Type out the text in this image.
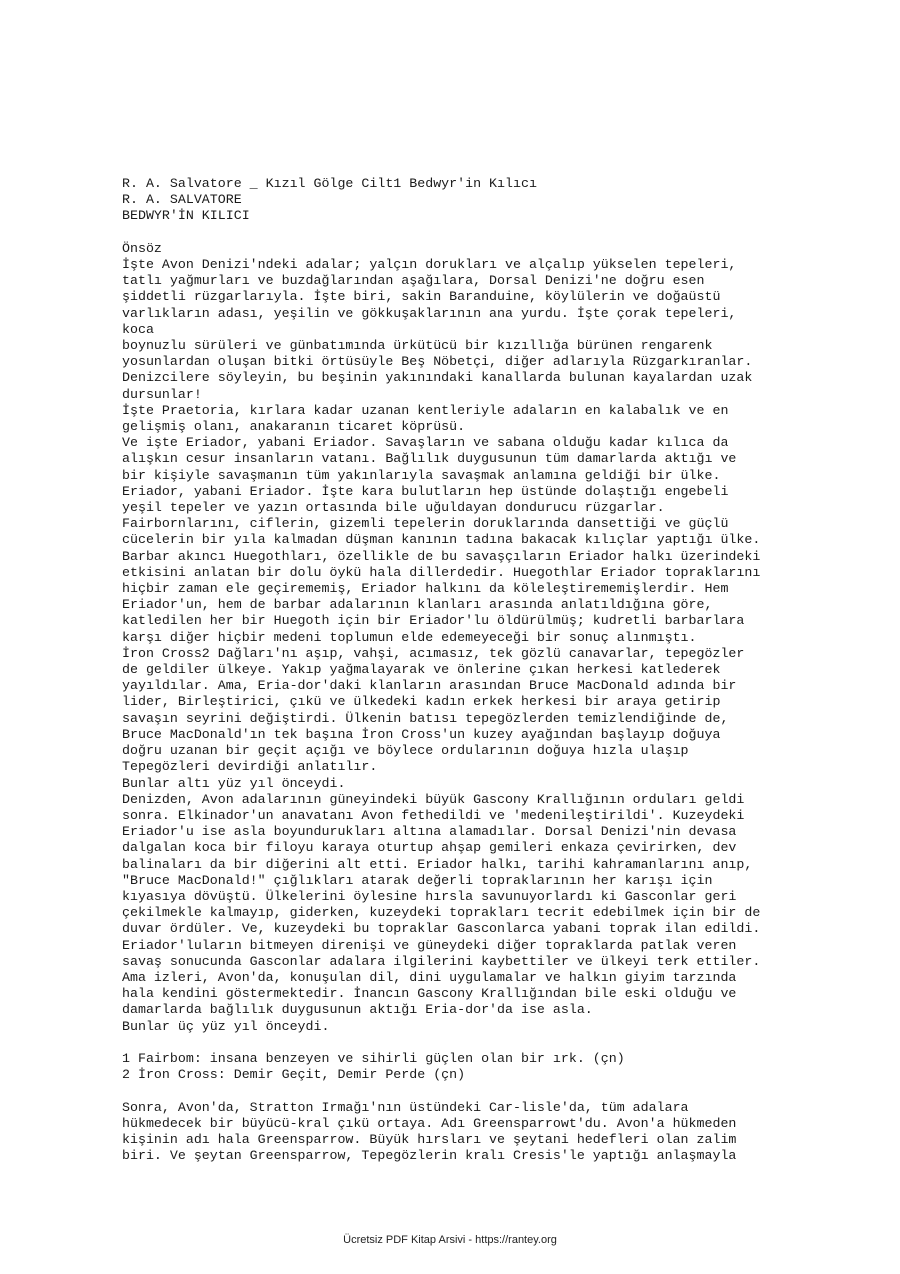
R. A. Salvatore _ Kızıl Gölge Cilt1 Bedwyr'in Kılıcı
R. A. SALVATORE
BEDWYR'İN KILICI
Önsöz
İşte Avon Denizi'ndeki adalar; yalçın dorukları ve alçalıp yükselen tepeleri,
tatlı yağmurları ve buzdağlarından aşağılara, Dorsal Denizi'ne doğru esen
şiddetli rüzgarlarıyla. İşte biri, sakin Baranduine, köylülerin ve doğaüstü
varlıkların adası, yeşilin ve gökkuşaklarının ana yurdu. İşte çorak tepeleri,
koca
boynuzlu sürüleri ve günbatımında ürkütücü bir kızıllığa bürünen rengarenk
yosunlardan oluşan bitki örtüsüyle Beş Nöbetçi, diğer adlarıyla Rüzgarkıranlar.
Denizcilere söyleyin, bu beşinin yakınındaki kanallarda bulunan kayalardan uzak
dursunlar!
İşte Praetoria, kırlara kadar uzanan kentleriyle adaların en kalabalık ve en
gelişmiş olanı, anakaranın ticaret köprüsü.
Ve işte Eriador, yabani Eriador. Savaşların ve sabana olduğu kadar kılıca da
alışkın cesur insanların vatanı. Bağlılık duygusunun tüm damarlarda aktığı ve
bir kişiyle savaşmanın tüm yakınlarıyla savaşmak anlamına geldiği bir ülke.
Eriador, yabani Eriador. İşte kara bulutların hep üstünde dolaştığı engebeli
yeşil tepeler ve yazın ortasında bile uğuldayan dondurucu rüzgarlar.
Fairbornlarını, ciflerin, gizemli tepelerin doruklarında dansettiği ve güçlü
cücelerin bir yıla kalmadan düşman kanının tadına bakacak kılıçlar yaptığı ülke.
Barbar akıncı Huegothları, özellikle de bu savaşçıların Eriador halkı üzerindeki
etkisini anlatan bir dolu öykü hala dillerdedir. Huegothlar Eriador topraklarını
hiçbir zaman ele geçirememiş, Eriador halkını da köleleştirememişlerdir. Hem
Eriador'un, hem de barbar adalarının klanları arasında anlatıldığına göre,
katledilen her bir Huegoth için bir Eriador'lu öldürülmüş; kudretli barbarlara
karşı diğer hiçbir medeni toplumun elde edemeyeceği bir sonuç alınmıştı.
İron Cross2 Dağları'nı aşıp, vahşi, acımasız, tek gözlü canavarlar, tepegözler
de geldiler ülkeye. Yakıp yağmalayarak ve önlerine çıkan herkesi katlederek
yayıldılar. Ama, Eria-dor'daki klanların arasından Bruce MacDonald adında bir
lider, Birleştirici, çıkü ve ülkedeki kadın erkek herkesi bir araya getirip
savaşın seyrini değiştirdi. Ülkenin batısı tepegözlerden temizlendiğinde de,
Bruce MacDonald'ın tek başına İron Cross'un kuzey ayağından başlayıp doğuya
doğru uzanan bir geçit açığı ve böylece ordularının doğuya hızla ulaşıp
Tepegözleri devirdiği anlatılır.
Bunlar altı yüz yıl önceydi.
Denizden, Avon adalarının güneyindeki büyük Gascony Krallığının orduları geldi
sonra. Elkinador'un anavatanı Avon fethedildi ve 'medenileştirildi'. Kuzeydeki
Eriador'u ise asla boyundurukları altına alamadılar. Dorsal Denizi'nin devasa
dalgalan koca bir filoyu karaya oturtup ahşap gemileri enkaza çevirirken, dev
balinaları da bir diğerini alt etti. Eriador halkı, tarihi kahramanlarını anıp,
"Bruce MacDonald!" çığlıkları atarak değerli topraklarının her karışı için
kıyasıya dövüştü. Ülkelerini öylesine hırsla savunuyorlardı ki Gasconlar geri
çekilmekle kalmayıp, giderken, kuzeydeki toprakları tecrit edebilmek için bir de
duvar ördüler. Ve, kuzeydeki bu topraklar Gasconlarca yabani toprak ilan edildi.
Eriador'luların bitmeyen direnişi ve güneydeki diğer topraklarda patlak veren
savaş sonucunda Gasconlar adalara ilgilerini kaybettiler ve ülkeyi terk ettiler.
Ama izleri, Avon'da, konuşulan dil, dini uygulamalar ve halkın giyim tarzında
hala kendini göstermektedir. İnancın Gascony Krallığından bile eski olduğu ve
damarlarda bağlılık duygusunun aktığı Eria-dor'da ise asla.
Bunlar üç yüz yıl önceydi.
1 Fairbom: insana benzeyen ve sihirli güçlen olan bir ırk. (çn)
2 İron Cross: Demir Geçit, Demir Perde (çn)
Sonra, Avon'da, Stratton Irmağı'nın üstündeki Car-lisle'da, tüm adalara
hükmedecek bir büyücü-kral çıkü ortaya. Adı Greensparrowt'du. Avon'a hükmeden
kişinin adı hala Greensparrow. Büyük hırsları ve şeytani hedefleri olan zalim
biri. Ve şeytan Greensparrow, Tepegözlerin kralı Cresis'le yaptığı anlaşmayla
Ücretsiz PDF Kitap Arsivi - https://rantey.org
